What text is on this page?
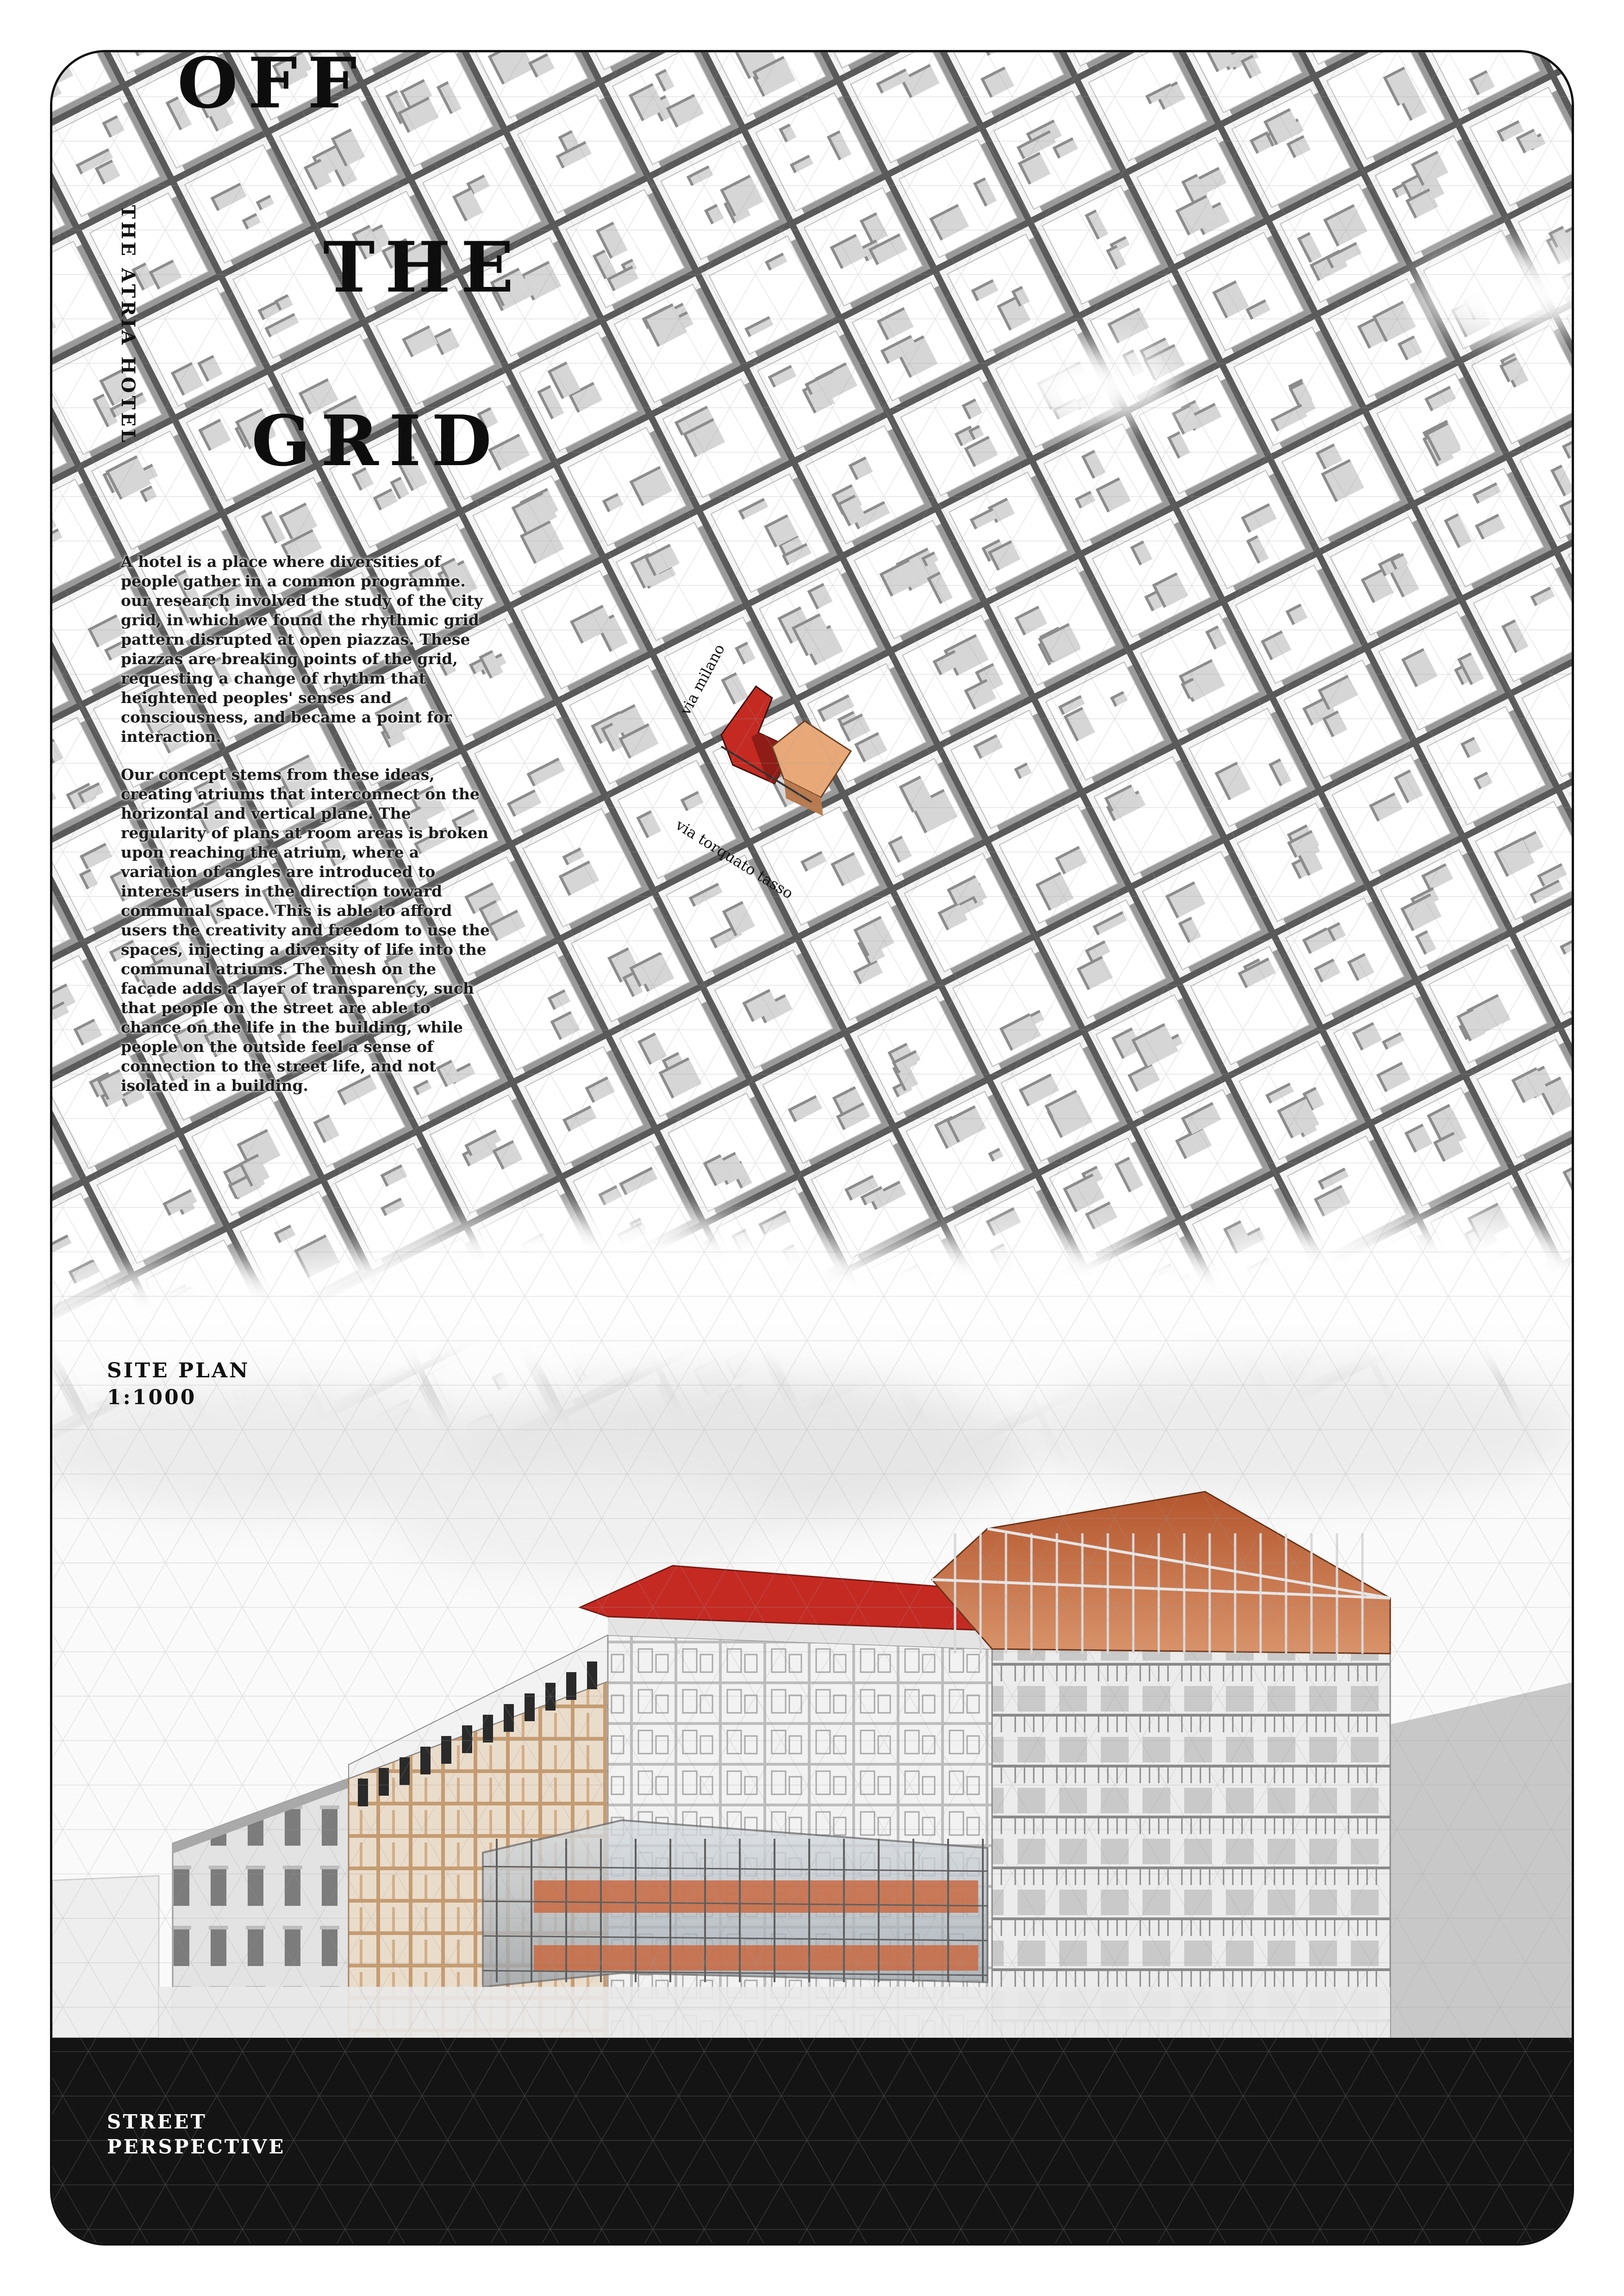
via milano

via torquato tasso

OFF
THE
GRID
THE ATRIA HOTEL

A hotel is a place where diversities of people gather in a common programme. our research involved the study of the city grid, in which we found the rhythmic grid pattern disrupted at open piazzas. These piazzas are breaking points of the grid, requesting a change of rhythm that heightened peoples' senses and consciousness, and became a point for interaction.

Our concept stems from these ideas, creating atriums that interconnect on the horizontal and vertical plane. The regularity of plans at room areas is broken upon reaching the atrium, where a variation of angles are introduced to interest users in the direction toward communal space. This is able to afford users the creativity and freedom to use the spaces, injecting a diversity of life into the communal atriums. The mesh on the facade adds a layer of transparency, such that people on the street are able to chance on the life in the building, while people on the outside feel a sense of connection to the street life, and not isolated in a building.

SITE PLAN
1:1000
STREET
PERSPECTIVE
